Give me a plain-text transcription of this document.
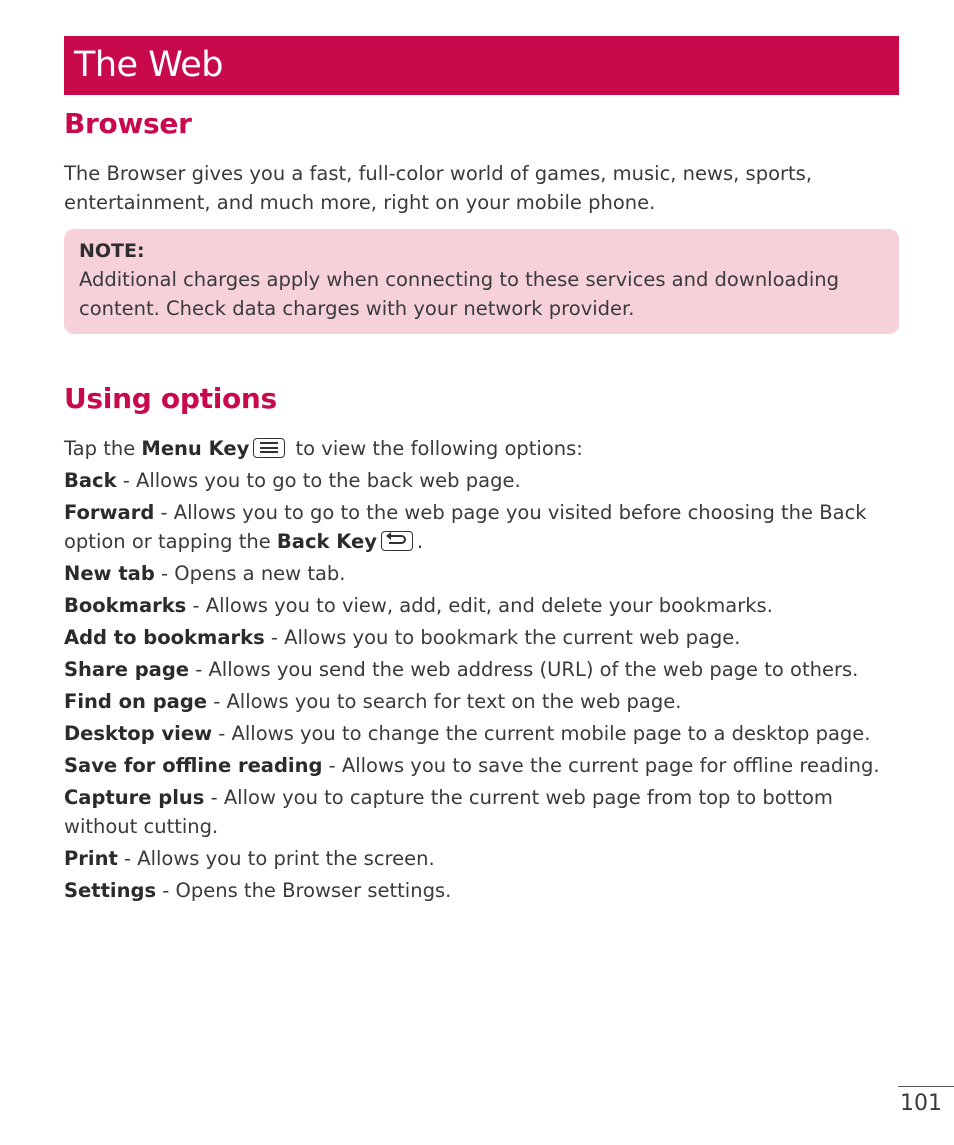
The Web
Browser

The Browser gives you a fast, full-color world of games, music, news, sports, entertainment, and much more, right on your mobile phone.

NOTE:
Additional charges apply when connecting to these services and downloading content. Check data charges with your network provider.
Using options
Tap the Menu Key
to view the following options:
Back - Allows you to go to the back web page.
Forward - Allows you to go to the web page you visited before choosing the Back option or tapping the Back Key .
New tab - Opens a new tab.
Bookmarks - Allows you to view, add, edit, and delete your bookmarks.
Add to bookmarks - Allows you to bookmark the current web page.
Share page - Allows you send the web address (URL) of the web page to others.
Find on page - Allows you to search for text on the web page.
Desktop view - Allows you to change the current mobile page to a desktop page.
Save for offline reading - Allows you to save the current page for offline reading.
Capture plus - Allow you to capture the current web page from top to bottom without cutting.
Print - Allows you to print the screen.
Settings - Opens the Browser settings.
101
